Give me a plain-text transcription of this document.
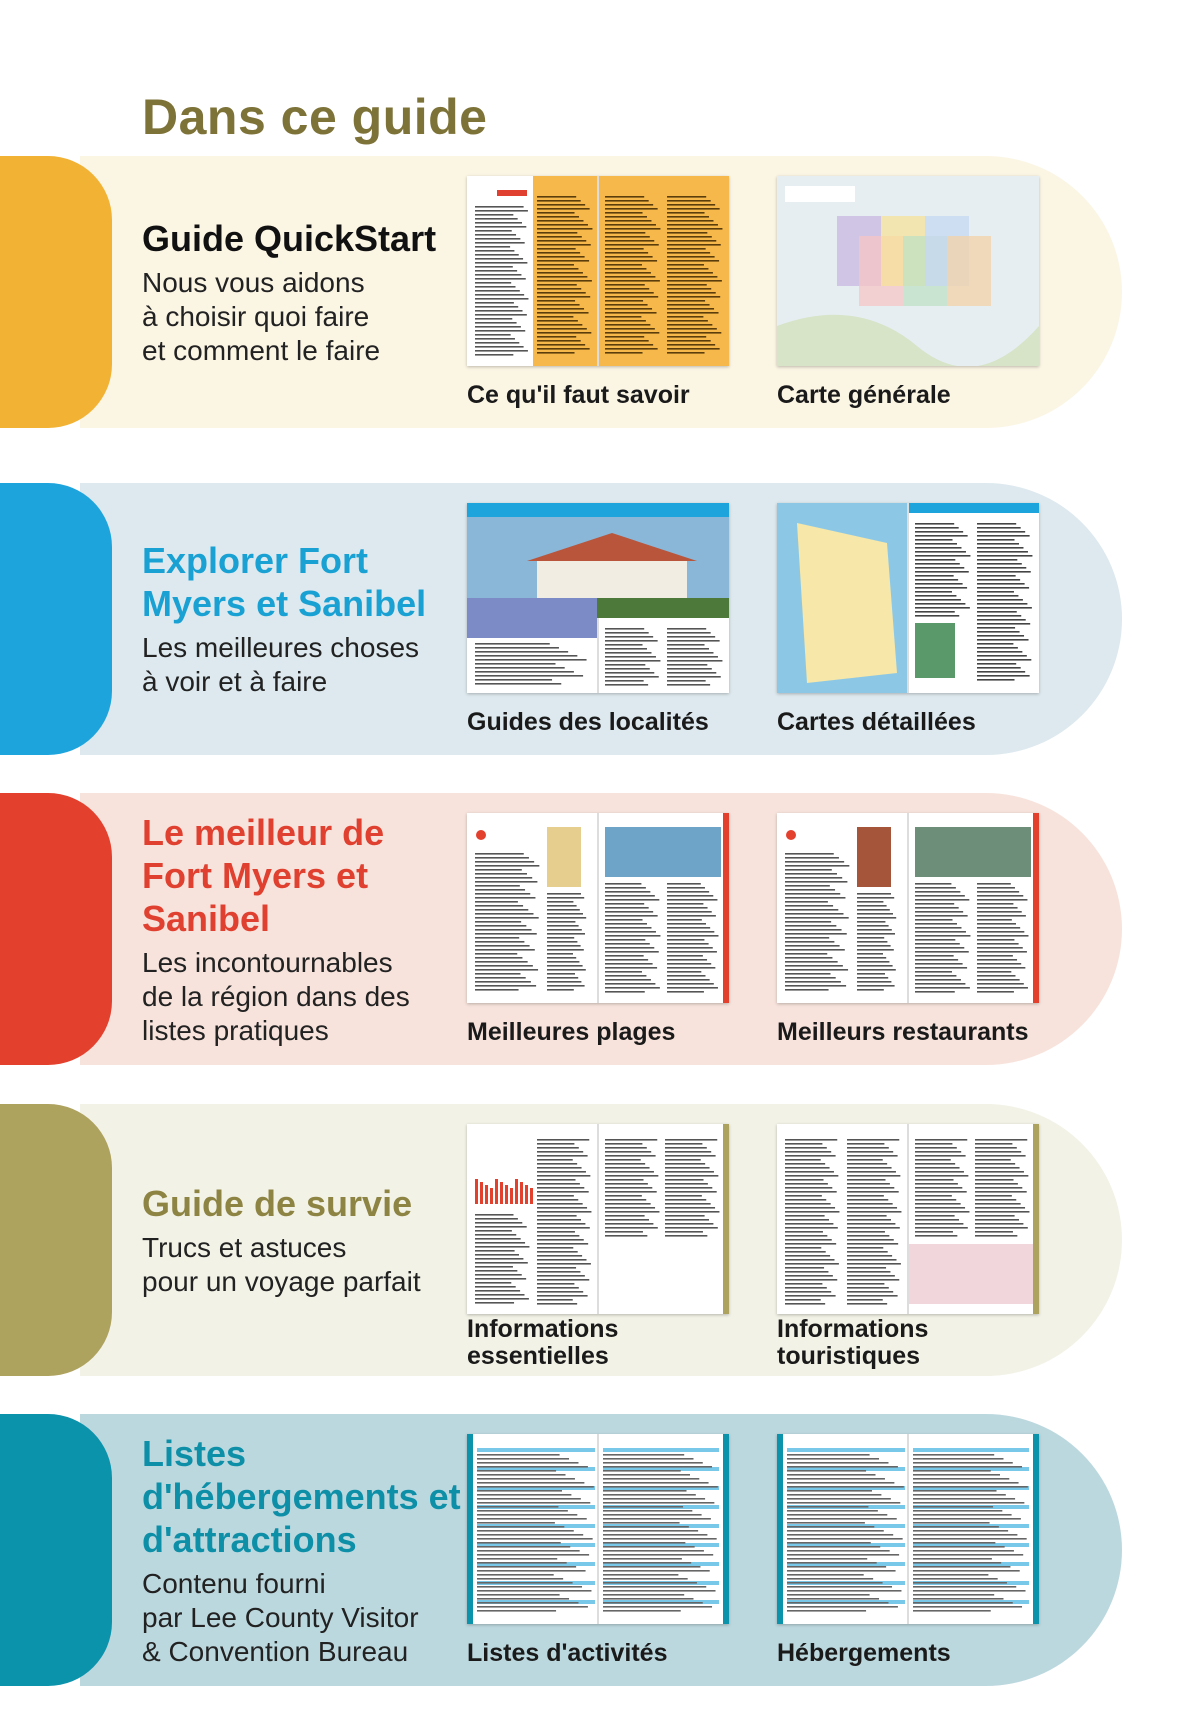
Dans ce guide
Guide QuickStart

Nous vous aidons
à choisir quoi faire
et comment le faire

Ce qu'il faut savoir	Carte générale
Explorer Fort Myers et Sanibel

Les meilleures choses
à voir et à faire

Guides des localités	Cartes détaillées
Le meilleur de Fort Myers et Sanibel

Les incontournables
de la région dans des
listes pratiques	Meilleures plages	Meilleurs restaurants
Guide de survie

Trucs et astuces
pour un voyage parfait

Informations
essentielles
Informations
touristiques
Listes d'hébergements et d'attractions

Contenu fourni
par Lee County Visitor
& Convention Bureau	Listes d'activités	Hébergements
